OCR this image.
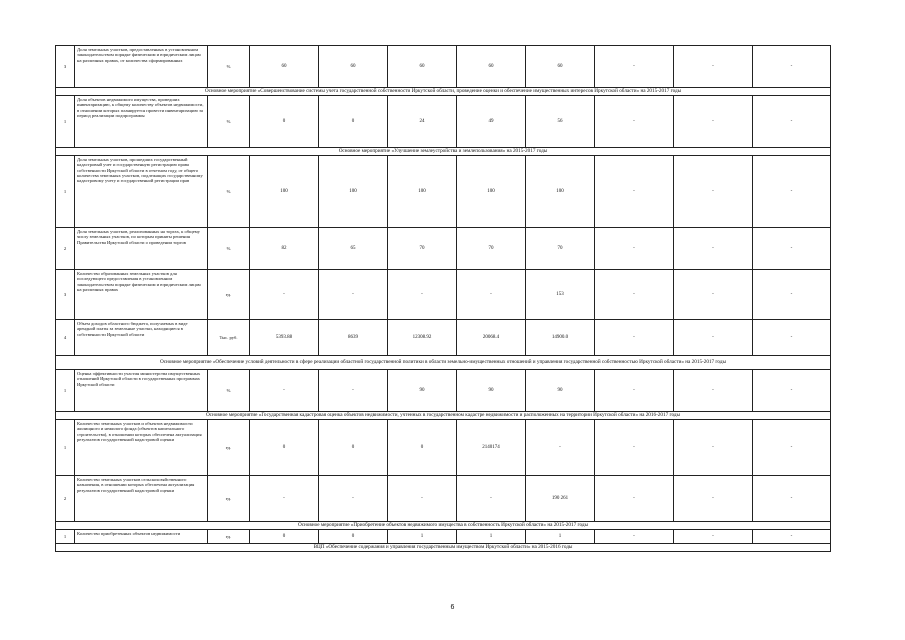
3	Доля земельных участков, предоставленных в установленном законодательством порядке физическим и юридическим лицам на различных правах, от количества сформированных	%	60	60	60	60	60	-	-	-
Основное мероприятие «Совершенствование системы учета государственной собственности Иркутской области, проведение оценки и обеспечение имущественных интересов Иркутской области» на 2015-2017 годы										
1	Доля объектов недвижимого имущества, проведших инвентаризацию, к общему количеству объектов недвижимости, в отношении которых планируется провести инвентаризацию за период реализации подпрограммы	%	0	0	24	49	56	-	-	-
Основное мероприятие «Улучшение землеустройства и землепользования» на 2015-2017 годы										
1	Доля земельных участков, прошедших государственный кадастровый учет и государственную регистрацию права собственности Иркутской области в отчетном году, от общего количества земельных участков, подлежащих государственному кадастровому учету и государственной регистрации прав	%	100	100	100	100	100	-	-	-
2	Доля земельных участков, реализованных на торгах, к общему числу земельных участков, по которым приняты решения Правительства Иркутской области о проведении торгов	%	82	65	70	70	70	-	-	-
3	Количество образованных земельных участков для последующего предоставления в установленном законодательством порядке физическим и юридическим лицам на различных правах	ед.	-	-	-	-	153	-	-	-
4	Объем доходов областного бюджета, получаемых в виде арендной платы за земельные участки, находящиеся в собственности Иркутской области	Тыс. руб.	5393.88	8639	12308.92	20068.4	14900.0	-	-	-
Основное мероприятие «Обеспечение условий деятельности в сфере реализации областной государственной политики в области земельно-имущественных отношений и управления государственной собственностью Иркутской области» на 2015-2017 годы										
1	Оценка эффективности участия министерства имущественных отношений Иркутской области в государственных программах Иркутской области	%	-	-	90	90	90	-	-	-
Основное мероприятие «Государственная кадастровая оценка объектов недвижимости, учтенных в государственном кадастре недвижимости и расположенных на территории Иркутской области» на 2016-2017 годы										
1	Количество земельных участков и объектов недвижимости жилищного и нежилого фонда (объектов капитального строительства), в отношении которых обеспечена актуализация результатов государственной кадастровой оценки	ед.	0	0	0	2140174	-	-	-	-
2	Количество земельных участков сельскохозяйственного назначения, в отношении которых обеспечена актуализация результатов государственной кадастровой оценки	ед.	-	-	-	-	190 261	-	-	-
Основное мероприятие «Приобретение объектов недвижимого имущества в собственность Иркутской области» на 2015-2017 годы										
1	Количество приобретенных объектов недвижимости	ед.	0	0	1	1	1	-	-	-
ВЦП «Обеспечение содержания и управления государственным имуществом Иркутской области» на 2015-2016 годы										
6
